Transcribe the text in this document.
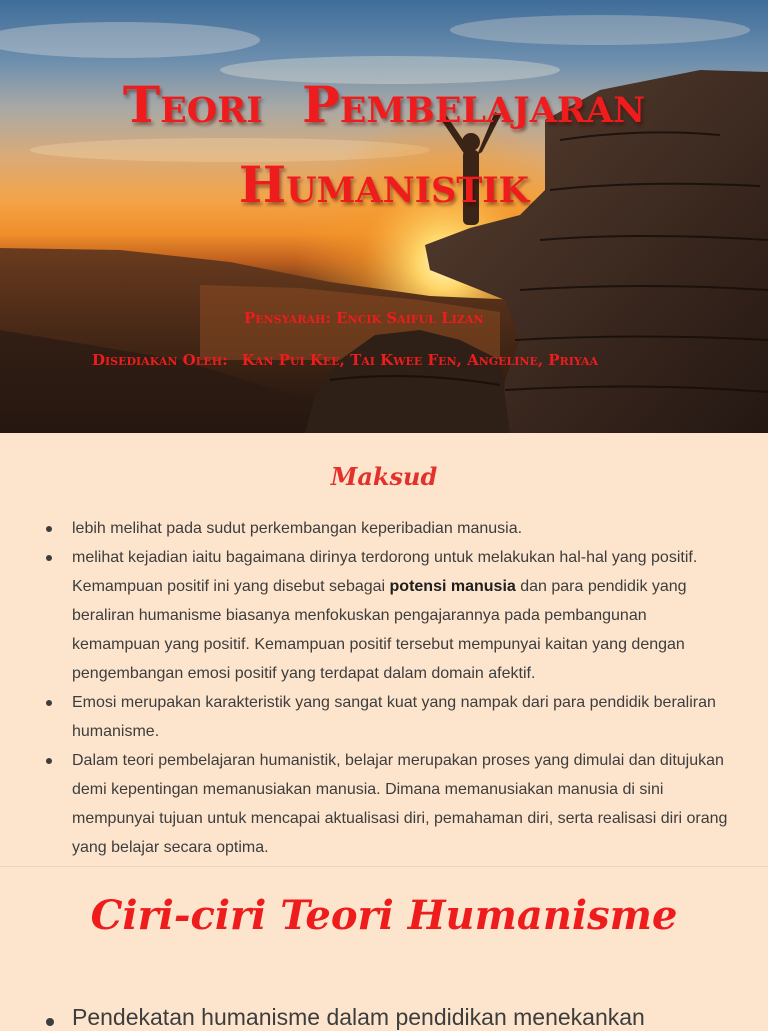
Teori Pembelajaran
Humanistik
Pensyarah: Encik Saiful Lizan
Disediakan Oleh: Kan Pui Kee, Tai Kwee Fen, Angeline, Priyaa
Maksud
lebih melihat pada sudut perkembangan keperibadian manusia.
melihat kejadian iaitu bagaimana dirinya terdorong untuk melakukan hal-hal yang positif. Kemampuan positif ini yang disebut sebagai potensi manusia dan para pendidik yang beraliran humanisme biasanya menfokuskan pengajarannya pada pembangunan kemampuan yang positif. Kemampuan positif tersebut mempunyai kaitan yang dengan pengembangan emosi positif yang terdapat dalam domain afektif.
Emosi merupakan karakteristik yang sangat kuat yang nampak dari para pendidik beraliran humanisme.
Dalam teori pembelajaran humanistik, belajar merupakan proses yang dimulai dan ditujukan demi kepentingan memanusiakan manusia. Dimana memanusiakan manusia di sini mempunyai tujuan untuk mencapai aktualisasi diri, pemahaman diri, serta realisasi diri orang yang belajar secara optima.
Ciri-ciri Teori Humanisme
Pendekatan humanisme dalam pendidikan menekankan
